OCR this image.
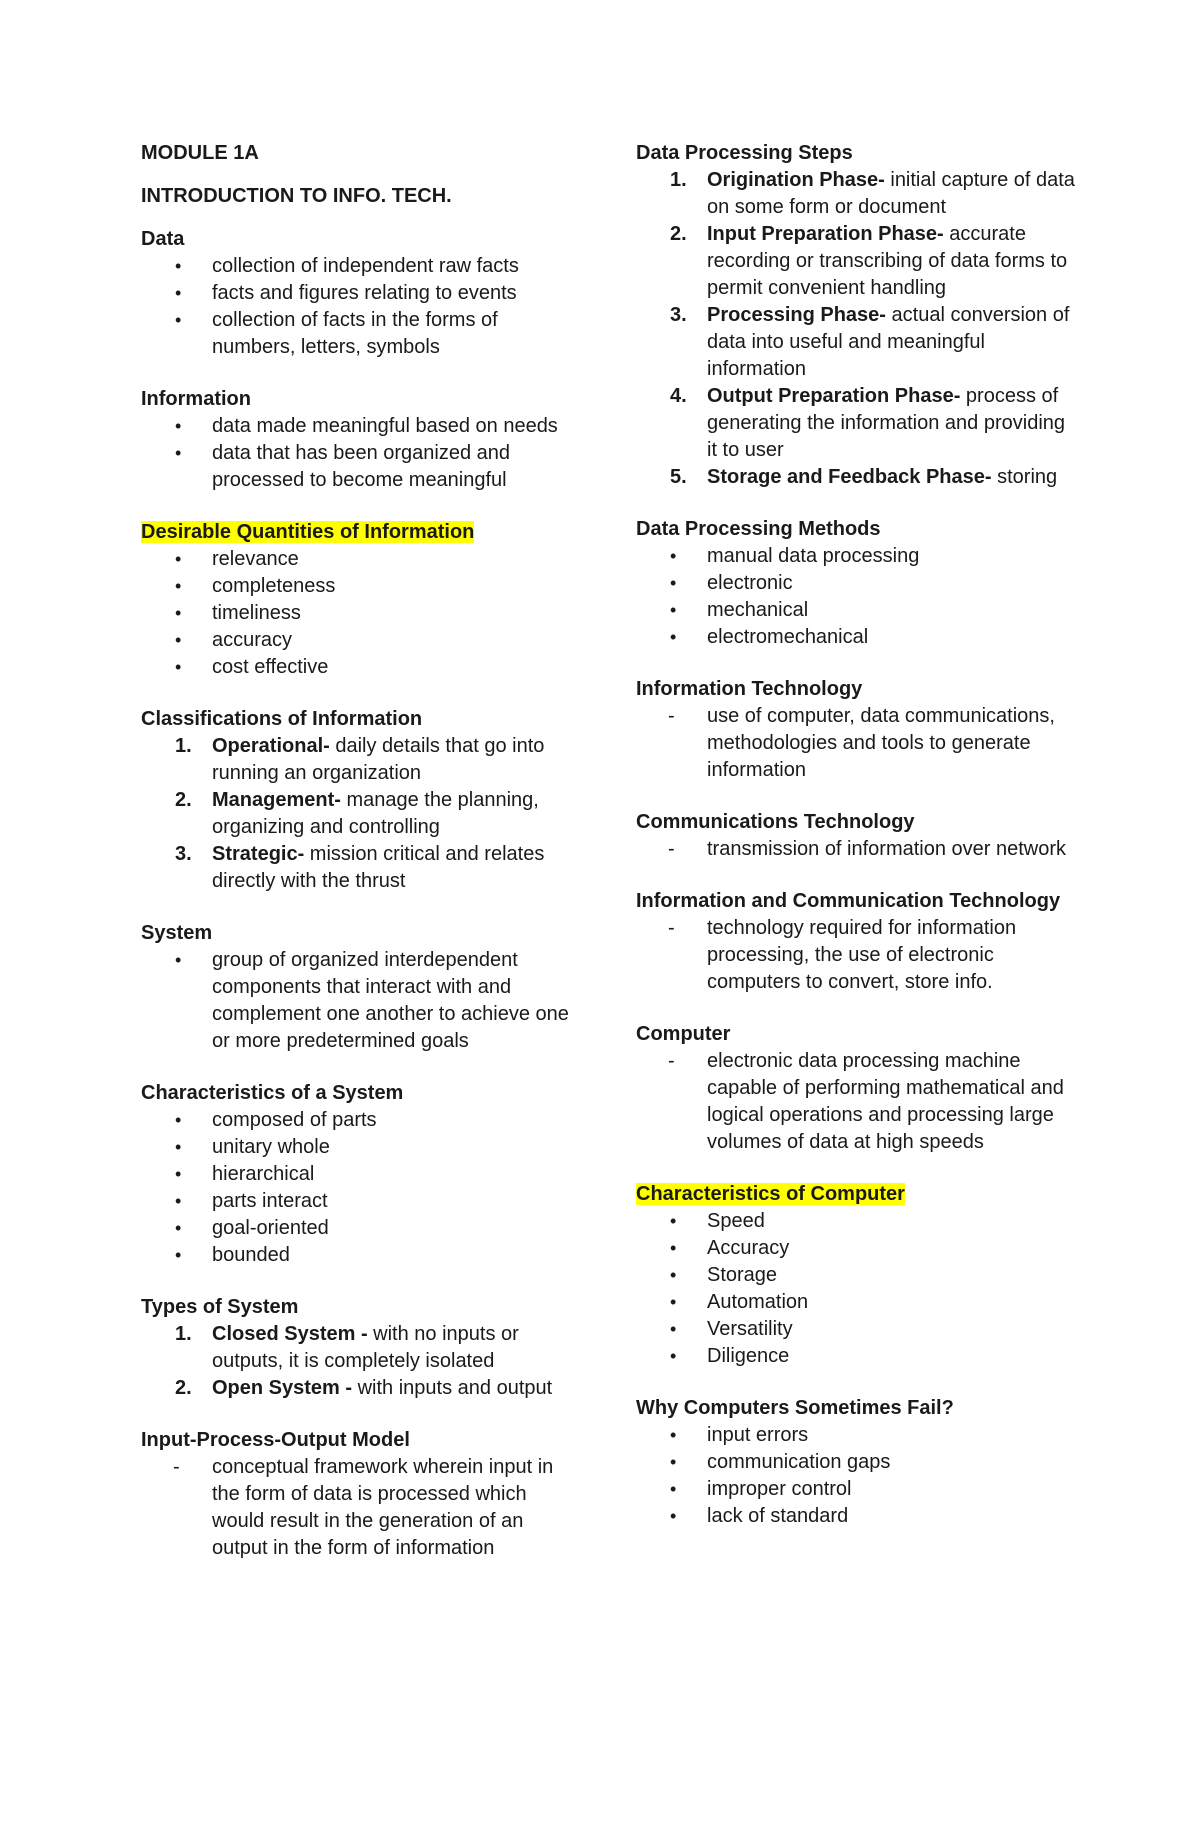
MODULE 1A
INTRODUCTION TO INFO. TECH.
Data
•	collection of independent raw facts
•	facts and figures relating to events
•	collection of facts in the forms of numbers, letters, symbols
Information
•	data made meaningful based on needs
•	data that has been organized and processed to become meaningful
Desirable Quantities of Information
•	relevance
•	completeness
•	timeliness
•	accuracy
•	cost effective
Classifications of Information
1.	Operational- daily details that go into running an organization
2.	Management- manage the planning, organizing and controlling
3.	Strategic- mission critical and relates directly with the thrust
System
•	group of organized interdependent components that interact with and complement one another to achieve one or more predetermined goals
Characteristics of a System
•	composed of parts
•	unitary whole
•	hierarchical
•	parts interact
•	goal-oriented
•	bounded
Types of System
1.	Closed System - with no inputs or outputs, it is completely isolated
2.	Open System - with inputs and output
Input-Process-Output Model
-	conceptual framework wherein input in the form of data is processed which would result in the generation of an output in the form of information
Data Processing Steps
1.	Origination Phase- initial capture of data on some form or document
2.	Input Preparation Phase- accurate recording or transcribing of data forms to permit convenient handling
3.	Processing Phase- actual conversion of data into useful and meaningful information
4.	Output Preparation Phase- process of generating the information and providing it to user
5.	Storage and Feedback Phase- storing
Data Processing Methods
•	manual data processing
•	electronic
•	mechanical
•	electromechanical
Information Technology
-	use of computer, data communications, methodologies and tools to generate information
Communications Technology
-	transmission of information over network
Information and Communication Technology
-	technology required for information processing, the use of electronic computers to convert, store info.
Computer
-	electronic data processing machine capable of performing mathematical and logical operations and processing large volumes of data at high speeds
Characteristics of Computer
•	Speed
•	Accuracy
•	Storage
•	Automation
•	Versatility
•	Diligence
Why Computers Sometimes Fail?
•	input errors
•	communication gaps
•	improper control
•	lack of standard
